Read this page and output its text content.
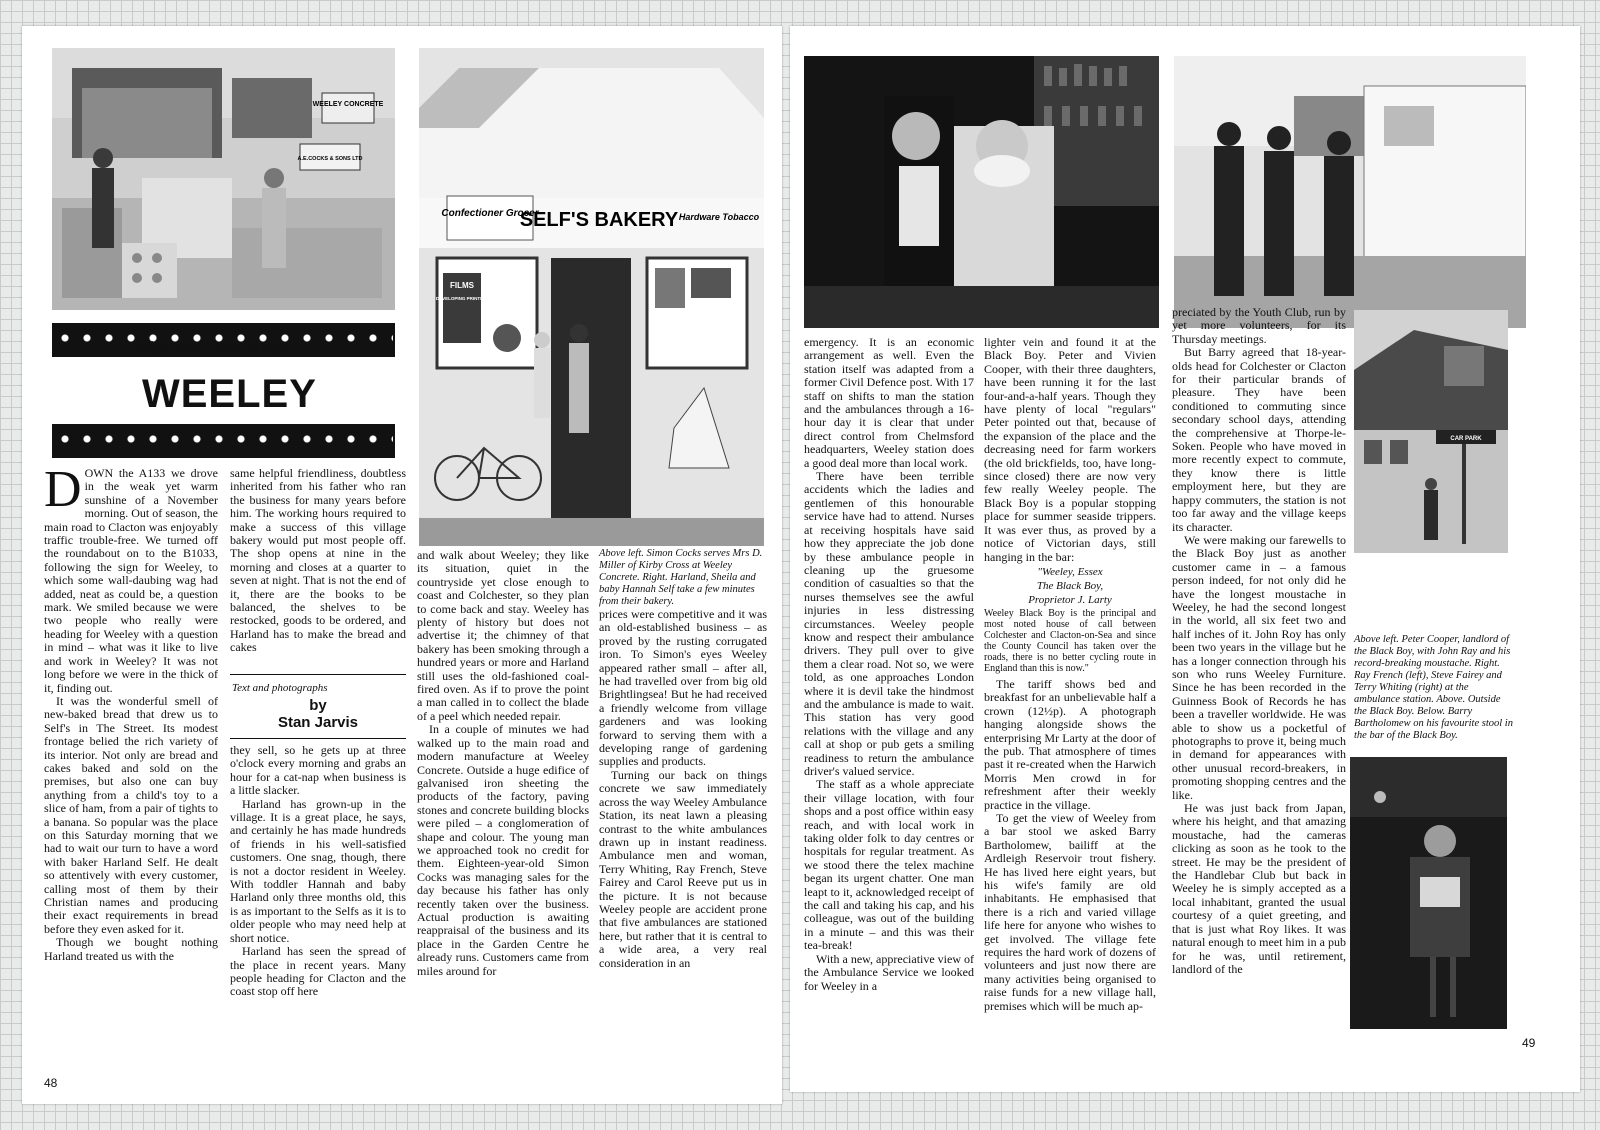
WEELEY CONCRETE
A.E.COCKS & SONS LTD
Confectioner Grocer
SELF'S BAKERY Hardware Tobacco
FILMS
DEVELOPING PRINTING
Insight into Essex villages
WEELEY

DOWN the A133 we drove in the weak yet warm sunshine of a November morning. Out of season, the main road to Clacton was enjoyably traffic trouble-free. We turned off the roundabout on to the B1033, following the sign for Weeley, to which some wall-daubing wag had added, neat as could be, a question mark. We smiled because we were two people who really were heading for Weeley with a question in mind – what was it like to live and work in Weeley? It was not long before we were in the thick of it, finding out.

It was the wonderful smell of new-baked bread that drew us to Self's in The Street. Its modest frontage belied the rich variety of its interior. Not only are bread and cakes baked and sold on the premises, but also one can buy anything from a child's toy to a slice of ham, from a pair of tights to a banana. So popular was the place on this Saturday morning that we had to wait our turn to have a word with baker Harland Self. He dealt so attentively with every customer, calling most of them by their Christian names and producing their exact requirements in bread before they even asked for it.

Though we bought nothing Harland treated us with the

same helpful friendliness, doubtless inherited from his father who ran the business for many years before him. The working hours required to make a success of this village bakery would put most people off. The shop opens at nine in the morning and closes at a quarter to seven at night. That is not the end of it, there are the books to be balanced, the shelves to be restocked, goods to be ordered, and Harland has to make the bread and cakes

Text and photographs
by
Stan Jarvis

they sell, so he gets up at three o'clock every morning and grabs an hour for a cat-nap when business is a little slacker.

Harland has grown-up in the village. It is a great place, he says, and certainly he has made hundreds of friends in his well-satisfied customers. One snag, though, there is not a doctor resident in Weeley. With toddler Hannah and baby Harland only three months old, this is as important to the Selfs as it is to older people who may need help at short notice.

Harland has seen the spread of the place in recent years. Many people heading for Clacton and the coast stop off here

and walk about Weeley; they like its situation, quiet in the countryside yet close enough to coast and Colchester, so they plan to come back and stay. Weeley has plenty of history but does not advertise it; the chimney of that bakery has been smoking through a hundred years or more and Harland still uses the old-fashioned coal-fired oven. As if to prove the point a man called in to collect the blade of a peel which needed repair.

In a couple of minutes we had walked up to the main road and modern manufacture at Weeley Concrete. Outside a huge edifice of galvanised iron sheeting the products of the factory, paving stones and concrete building blocks were piled – a conglomeration of shape and colour. The young man we approached took no credit for them. Eighteen-year-old Simon Cocks was managing sales for the day because his father has only recently taken over the business. Actual production is awaiting reappraisal of the business and its place in the Garden Centre he already runs. Customers came from miles around for

Above left. Simon Cocks serves Mrs D. Miller of Kirby Cross at Weeley Concrete. Right. Harland, Sheila and baby Hannah Self take a few minutes from their bakery.

prices were competitive and it was an old-established business – as proved by the rusting corrugated iron. To Simon's eyes Weeley appeared rather small – after all, he had travelled over from big old Brightlingsea! But he had received a friendly welcome from village gardeners and was looking forward to serving them with a developing range of gardening supplies and products.

Turning our back on things concrete we saw immediately across the way Weeley Ambulance Station, its neat lawn a pleasing contrast to the white ambulances drawn up in instant readiness. Ambulance men and woman, Terry Whiting, Ray French, Steve Fairey and Carol Reeve put us in the picture. It is not because Weeley people are accident prone that five ambulances are stationed here, but rather that it is central to a wide area, a very real consideration in an

48
CAR PARK

emergency. It is an economic arrangement as well. Even the station itself was adapted from a former Civil Defence post. With 17 staff on shifts to man the station and the ambulances through a 16-hour day it is clear that under direct control from Chelmsford headquarters, Weeley station does a good deal more than local work.

There have been terrible accidents which the ladies and gentlemen of this honourable service have had to attend. Nurses at receiving hospitals have said how they appreciate the job done by these ambulance people in cleaning up the gruesome condition of casualties so that the nurses themselves see the awful injuries in less distressing circumstances. Weeley people know and respect their ambulance drivers. They pull over to give them a clear road. Not so, we were told, as one approaches London where it is devil take the hindmost and the ambulance is made to wait. This station has very good relations with the village and any call at shop or pub gets a smiling readiness to return the ambulance driver's valued service.

The staff as a whole appreciate their village location, with four shops and a post office within easy reach, and with local work in taking older folk to day centres or hospitals for regular treatment. As we stood there the telex machine began its urgent chatter. One man leapt to it, acknowledged receipt of the call and taking his cap, and his colleague, was out of the building in a minute – and this was their tea-break!

With a new, appreciative view of the Ambulance Service we looked for Weeley in a

lighter vein and found it at the Black Boy. Peter and Vivien Cooper, with their three daughters, have been running it for the last four-and-a-half years. Though they have plenty of local "regulars" Peter pointed out that, because of the expansion of the place and the decreasing need for farm workers (the old brickfields, too, have long-since closed) there are now very few really Weeley people. The Black Boy is a popular stopping place for summer seaside trippers. It was ever thus, as proved by a notice of Victorian days, still hanging in the bar:

"Weeley, Essex
The Black Boy,
Proprietor J. Larty
Weeley Black Boy is the principal and most noted house of call between Colchester and Clacton-on-Sea and since the County Council has taken over the roads, there is no better cycling route in England than this is now."

The tariff shows bed and breakfast for an unbelievable half a crown (12½p). A photograph hanging alongside shows the enterprising Mr Larty at the door of the pub. That atmosphere of times past it re-created when the Harwich Morris Men crowd in for refreshment after their weekly practice in the village.

To get the view of Weeley from a bar stool we asked Barry Bartholomew, bailiff at the Ardleigh Reservoir trout fishery. He has lived here eight years, but his wife's family are old inhabitants. He emphasised that there is a rich and varied village life here for anyone who wishes to get involved. The village fete requires the hard work of dozens of volunteers and just now there are many activities being organised to raise funds for a new village hall, premises which will be much ap-

preciated by the Youth Club, run by yet more volunteers, for its Thursday meetings.

But Barry agreed that 18-year-olds head for Colchester or Clacton for their particular brands of pleasure. They have been conditioned to commuting since secondary school days, attending the comprehensive at Thorpe-le-Soken. People who have moved in more recently expect to commute, they know there is little employment here, but they are happy commuters, the station is not too far away and the village keeps its character.

We were making our farewells to the Black Boy just as another customer came in – a famous person indeed, for not only did he have the longest moustache in Weeley, he had the second longest in the world, all six feet two and half inches of it. John Roy has only been two years in the village but he has a longer connection through his son who runs Weeley Furniture. Since he has been recorded in the Guinness Book of Records he has been a traveller worldwide. He was able to show us a pocketful of photographs to prove it, being much in demand for appearances with other unusual record-breakers, in promoting shopping centres and the like.

He was just back from Japan, where his height, and that amazing moustache, had the cameras clicking as soon as he took to the street. He may be the president of the Handlebar Club but back in Weeley he is simply accepted as a local inhabitant, granted the usual courtesy of a quiet greeting, and that is just what Roy likes. It was natural enough to meet him in a pub for he was, until retirement, landlord of the

Above left. Peter Cooper, landlord of the Black Boy, with John Ray and his record-breaking moustache. Right. Ray French (left), Steve Fairey and Terry Whiting (right) at the ambulance station. Above. Outside the Black Boy. Below. Barry Bartholomew on his favourite stool in the bar of the Black Boy.
49
